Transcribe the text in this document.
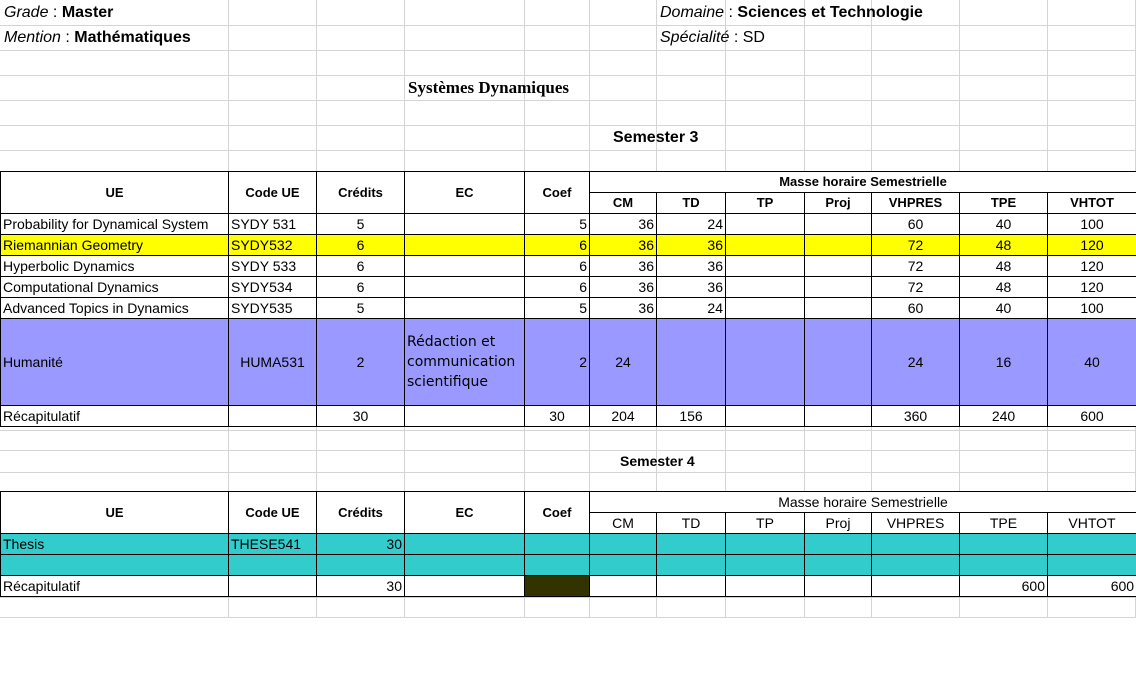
Grade : Master
Mention : Mathématiques
Domaine : Sciences et Technologie
Spécialité : SD
Systèmes Dynamiques
Semester 3
UE	Code UE	Crédits	EC	Coef	Masse horaire Semestrielle						
					CM	TD	TP	Proj	VHPRES	TPE	VHTOT
Probability for Dynamical System	SYDY 531	5		5	36	24			60	40	100
Riemannian Geometry	SYDY532	6		6	36	36			72	48	120
Hyperbolic Dynamics	SYDY 533	6		6	36	36			72	48	120
Computational Dynamics	SYDY534	6		6	36	36			72	48	120
Advanced Topics in Dynamics	SYDY535	5		5	36	24			60	40	100
Humanité	HUMA531	2	Rédaction et communication scientifique	2	24				24	16	40
Récapitulatif		30		30	204	156			360	240	600
Semester 4
UE	Code UE	Crédits	EC	Coef	Masse horaire Semestrielle						
					CM	TD	TP	Proj	VHPRES	TPE	VHTOT
Thesis	THESE541	30									

Récapitulatif		30								600	600
